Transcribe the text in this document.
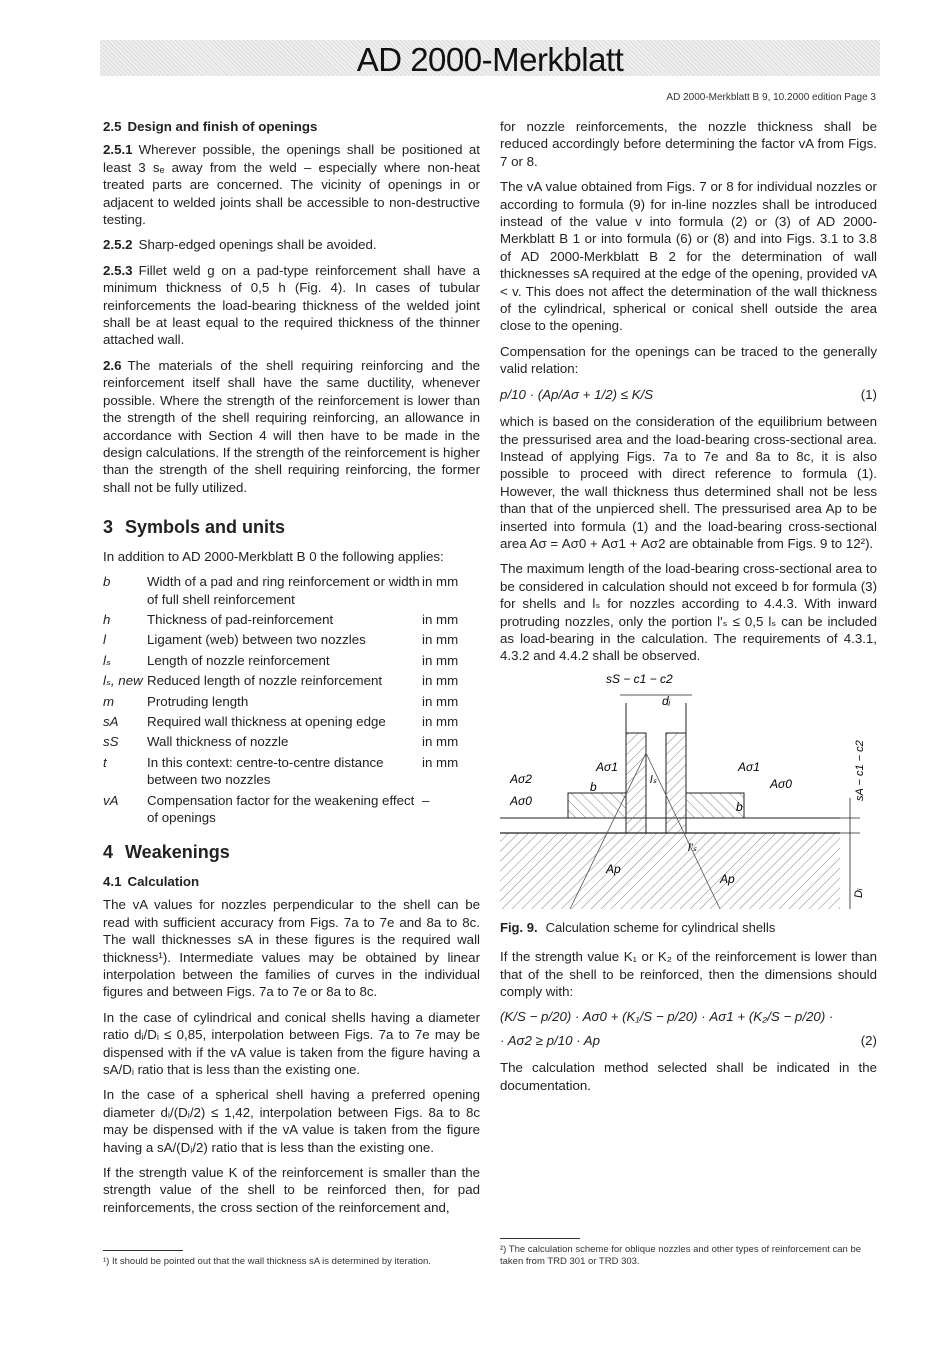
AD 2000-Merkblatt
AD 2000-Merkblatt B 9, 10.2000 edition Page 3
2.5 Design and finish of openings

2.5.1 Wherever possible, the openings shall be positioned at least 3 sₑ away from the weld – especially where non-heat treated parts are concerned. The vicinity of openings in or adjacent to welded joints shall be accessible to non-destructive testing.

2.5.2 Sharp-edged openings shall be avoided.

2.5.3 Fillet weld g on a pad-type reinforcement shall have a minimum thickness of 0,5 h (Fig. 4). In cases of tubular reinforcements the load-bearing thickness of the welded joint shall be at least equal to the required thickness of the thinner attached wall.

2.6 The materials of the shell requiring reinforcing and the reinforcement itself shall have the same ductility, whenever possible. Where the strength of the reinforcement is lower than the strength of the shell requiring reinforcing, an allowance in accordance with Section 4 will then have to be made in the design calculations. If the strength of the reinforcement is higher than the strength of the shell requiring reinforcing, the former shall not be fully utilized.

3 Symbols and units

In addition to AD 2000-Merkblatt B 0 the following applies:

b	Width of a pad and ring reinforcement or width of full shell reinforcement	in mm
h	Thickness of pad-reinforcement	in mm
l	Ligament (web) between two nozzles	in mm
lₛ	Length of nozzle reinforcement	in mm
lₛ, new	Reduced length of nozzle reinforcement	in mm
m	Protruding length	in mm
sA	Required wall thickness at opening edge	in mm
sS	Wall thickness of nozzle	in mm
t	In this context: centre-to-centre distance between two nozzles	in mm
vA	Compensation factor for the weakening effect of openings	–
4 Weakenings
4.1 Calculation

The vA values for nozzles perpendicular to the shell can be read with sufficient accuracy from Figs. 7a to 7e and 8a to 8c. The wall thicknesses sA in these figures is the required wall thickness¹). Intermediate values may be obtained by linear interpolation between the families of curves in the individual figures and between Figs. 7a to 7e or 8a to 8c.

In the case of cylindrical and conical shells having a diameter ratio dᵢ/Dᵢ ≤ 0,85, interpolation between Figs. 7a to 7e may be dispensed with if the vA value is taken from the figure having a sA/Dᵢ ratio that is less than the existing one.

In the case of a spherical shell having a preferred opening diameter dᵢ/(Dᵢ/2) ≤ 1,42, interpolation between Figs. 8a to 8c may be dispensed with if the vA value is taken from the figure having a sA/(Dᵢ/2) ratio that is less than the existing one.

If the strength value K of the reinforcement is smaller than the strength value of the shell to be reinforced then, for pad reinforcements, the cross section of the reinforcement and,

¹) It should be pointed out that the wall thickness sA is determined by iteration.

for nozzle reinforcements, the nozzle thickness shall be reduced accordingly before determining the factor vA from Figs. 7 or 8.

The vA value obtained from Figs. 7 or 8 for individual nozzles or according to formula (9) for in-line nozzles shall be introduced instead of the value v into formula (2) or (3) of AD 2000-Merkblatt B 1 or into formula (6) or (8) and into Figs. 3.1 to 3.8 of AD 2000-Merkblatt B 2 for the determination of wall thicknesses sA required at the edge of the opening, provided vA < v. This does not affect the determination of the wall thickness of the cylindrical, spherical or conical shell outside the area close to the opening.

Compensation for the openings can be traced to the generally valid relation:

p/10 · (Ap/Aσ + 1/2) ≤ K/S	(1)

which is based on the consideration of the equilibrium between the pressurised area and the load-bearing cross-sectional area. Instead of applying Figs. 7a to 7e and 8a to 8c, it is also possible to proceed with direct reference to formula (1). However, the wall thickness thus determined shall not be less than that of the unpierced shell. The pressurised area Ap to be inserted into formula (1) and the load-bearing cross-sectional area Aσ = Aσ0 + Aσ1 + Aσ2 are obtainable from Figs. 9 to 12²).

The maximum length of the load-bearing cross-sectional area to be considered in calculation should not exceed b for formula (3) for shells and lₛ for nozzles according to 4.4.3. With inward protruding nozzles, only the portion l'ₛ ≤ 0,5 lₛ can be included as load-bearing in the calculation. The requirements of 4.3.1, 4.3.2 and 4.4.2 shall be observed.

sS − c1 − c2
dᵢ
Aσ1	Aσ1
Aσ2
Aσ0
Aσ0
b
b
lₛ
l'ₛ
Ap
Ap
sA − c1 − c2
Dᵢ
Fig. 9. Calculation scheme for cylindrical shells

If the strength value K₁ or K₂ of the reinforcement is lower than that of the shell to be reinforced, then the dimensions should comply with:

(K/S − p/20) · Aσ0 + (K₁/S − p/20) · Aσ1 + (K₂/S − p/20) ·
· Aσ2 ≥ p/10 · Ap	(2)

The calculation method selected shall be indicated in the documentation.

²) The calculation scheme for oblique nozzles and other types of reinforcement can be taken from TRD 301 or TRD 303.
